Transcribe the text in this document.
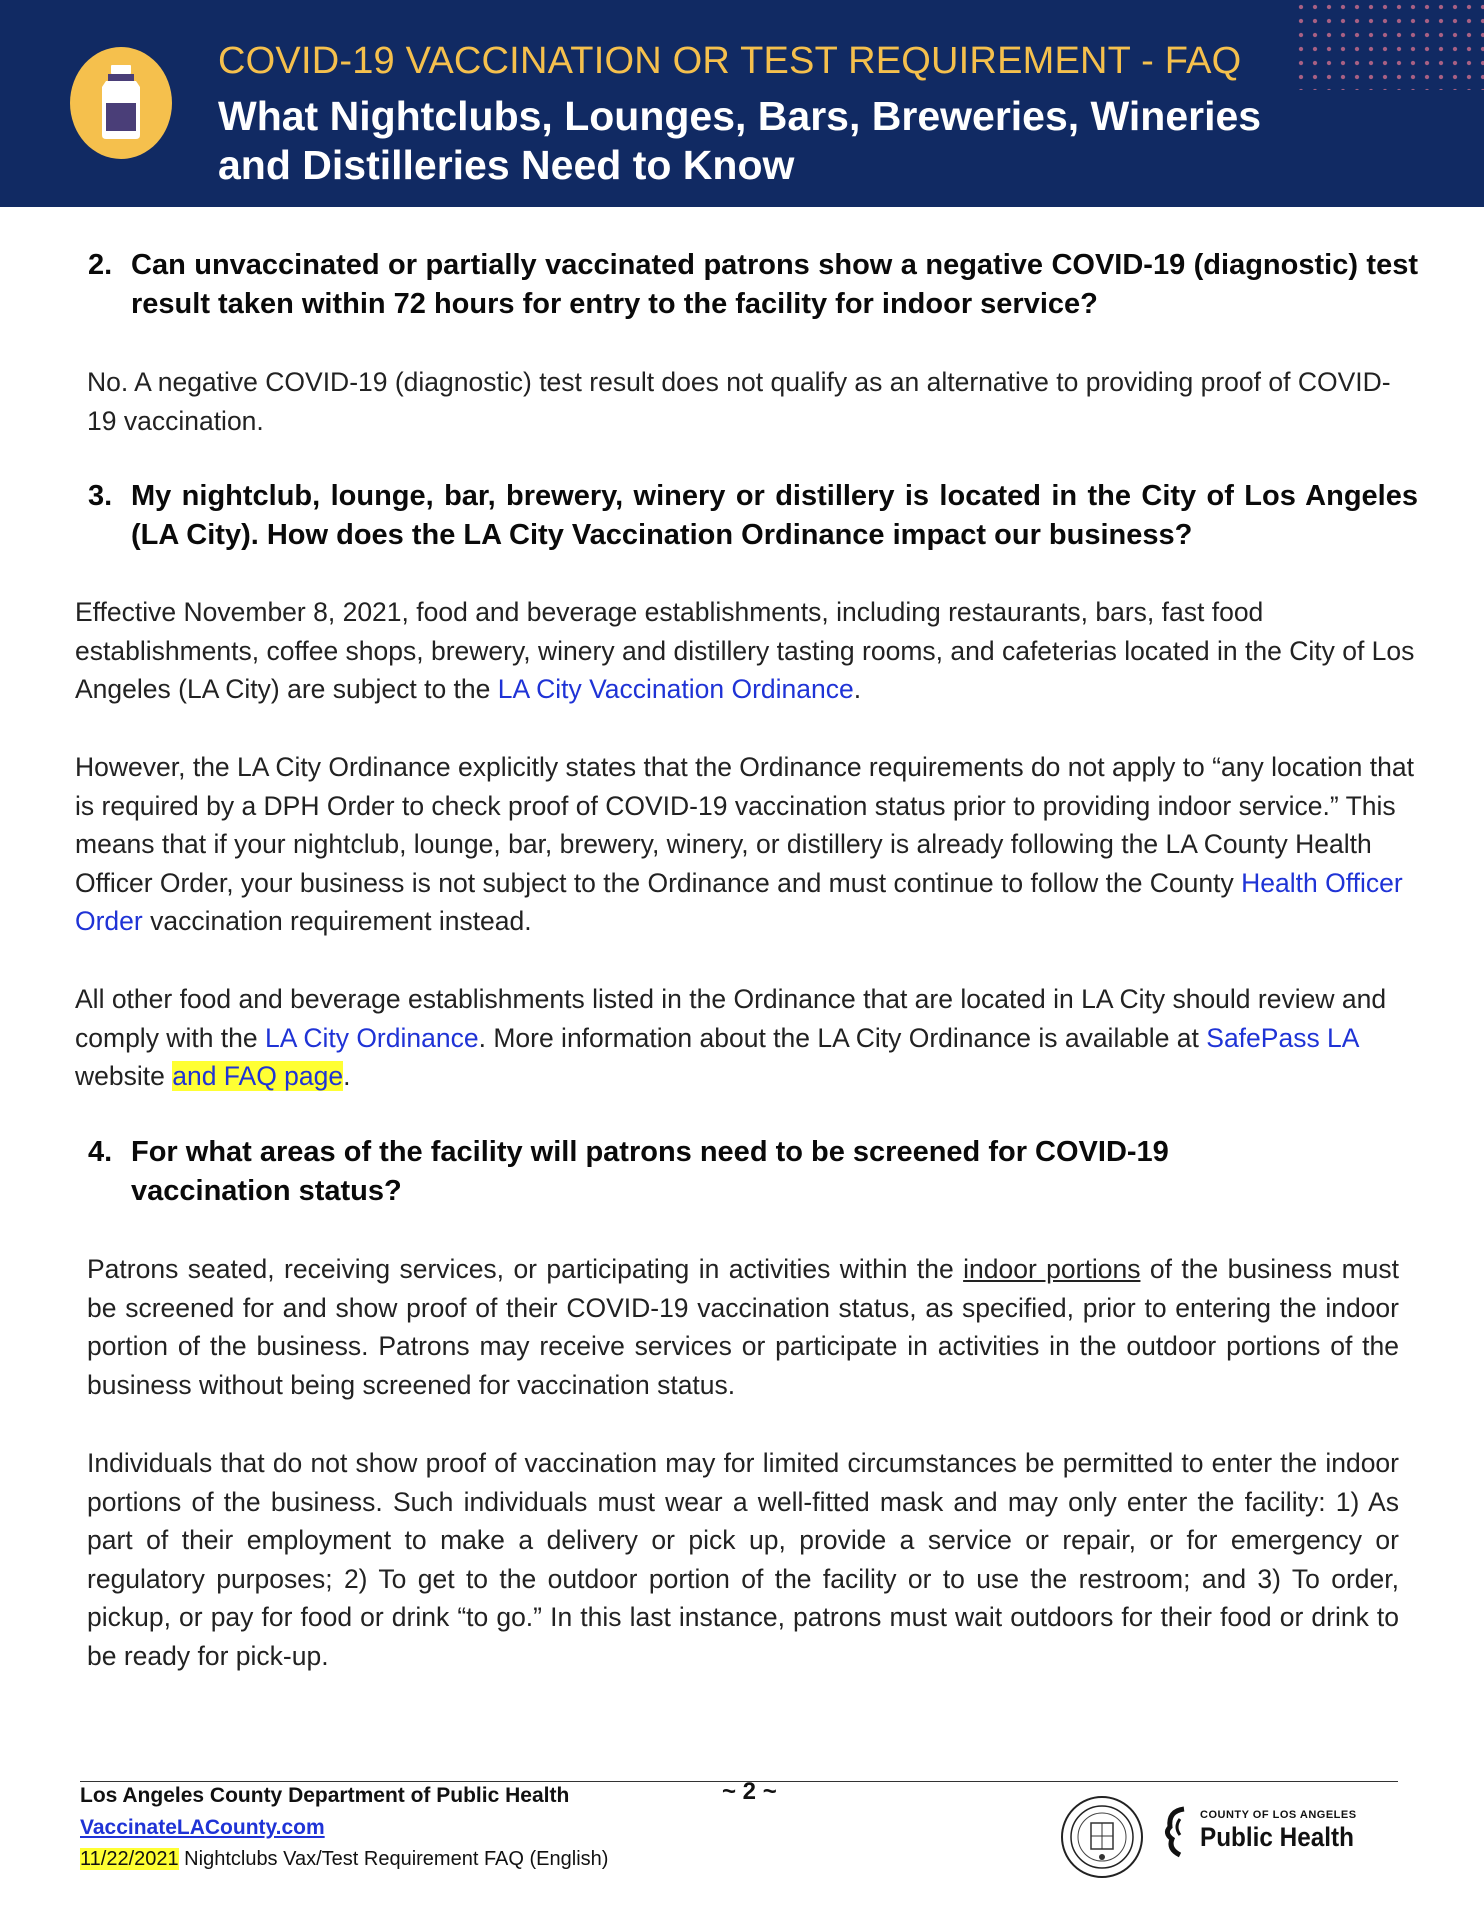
COVID-19 VACCINATION OR TEST REQUIREMENT - FAQ
What Nightclubs, Lounges, Bars, Breweries, Wineries
and Distilleries Need to Know
2. Can unvaccinated or partially vaccinated patrons show a negative COVID-19 (diagnostic) test result taken within 72 hours for entry to the facility for indoor service?
No. A negative COVID-19 (diagnostic) test result does not qualify as an alternative to providing proof of COVID-19 vaccination.
3. My nightclub, lounge, bar, brewery, winery or distillery is located in the City of Los Angeles (LA City). How does the LA City Vaccination Ordinance impact our business?
Effective November 8, 2021, food and beverage establishments, including restaurants, bars, fast food establishments, coffee shops, brewery, winery and distillery tasting rooms, and cafeterias located in the City of Los Angeles (LA City) are subject to the LA City Vaccination Ordinance.
However, the LA City Ordinance explicitly states that the Ordinance requirements do not apply to “any location that is required by a DPH Order to check proof of COVID-19 vaccination status prior to providing indoor service.” This means that if your nightclub, lounge, bar, brewery, winery, or distillery is already following the LA County Health Officer Order, your business is not subject to the Ordinance and must continue to follow the County Health Officer Order vaccination requirement instead.
All other food and beverage establishments listed in the Ordinance that are located in LA City should review and comply with the LA City Ordinance. More information about the LA City Ordinance is available at SafePass LA website and FAQ page.
4. For what areas of the facility will patrons need to be screened for COVID-19 vaccination status?
Patrons seated, receiving services, or participating in activities within the indoor portions of the business must be screened for and show proof of their COVID-19 vaccination status, as specified, prior to entering the indoor portion of the business. Patrons may receive services or participate in activities in the outdoor portions of the business without being screened for vaccination status.
Individuals that do not show proof of vaccination may for limited circumstances be permitted to enter the indoor portions of the business. Such individuals must wear a well-fitted mask and may only enter the facility: 1) As part of their employment to make a delivery or pick up, provide a service or repair, or for emergency or regulatory purposes; 2) To get to the outdoor portion of the facility or to use the restroom; and 3) To order, pickup, or pay for food or drink “to go.” In this last instance, patrons must wait outdoors for their food or drink to be ready for pick-up.
Los Angeles County Department of Public Health	~ 2 ~
VaccinateLACounty.com
11/22/2021 Nightclubs Vax/Test Requirement FAQ (English)
COUNTY OF LOS ANGELES
Public Health
